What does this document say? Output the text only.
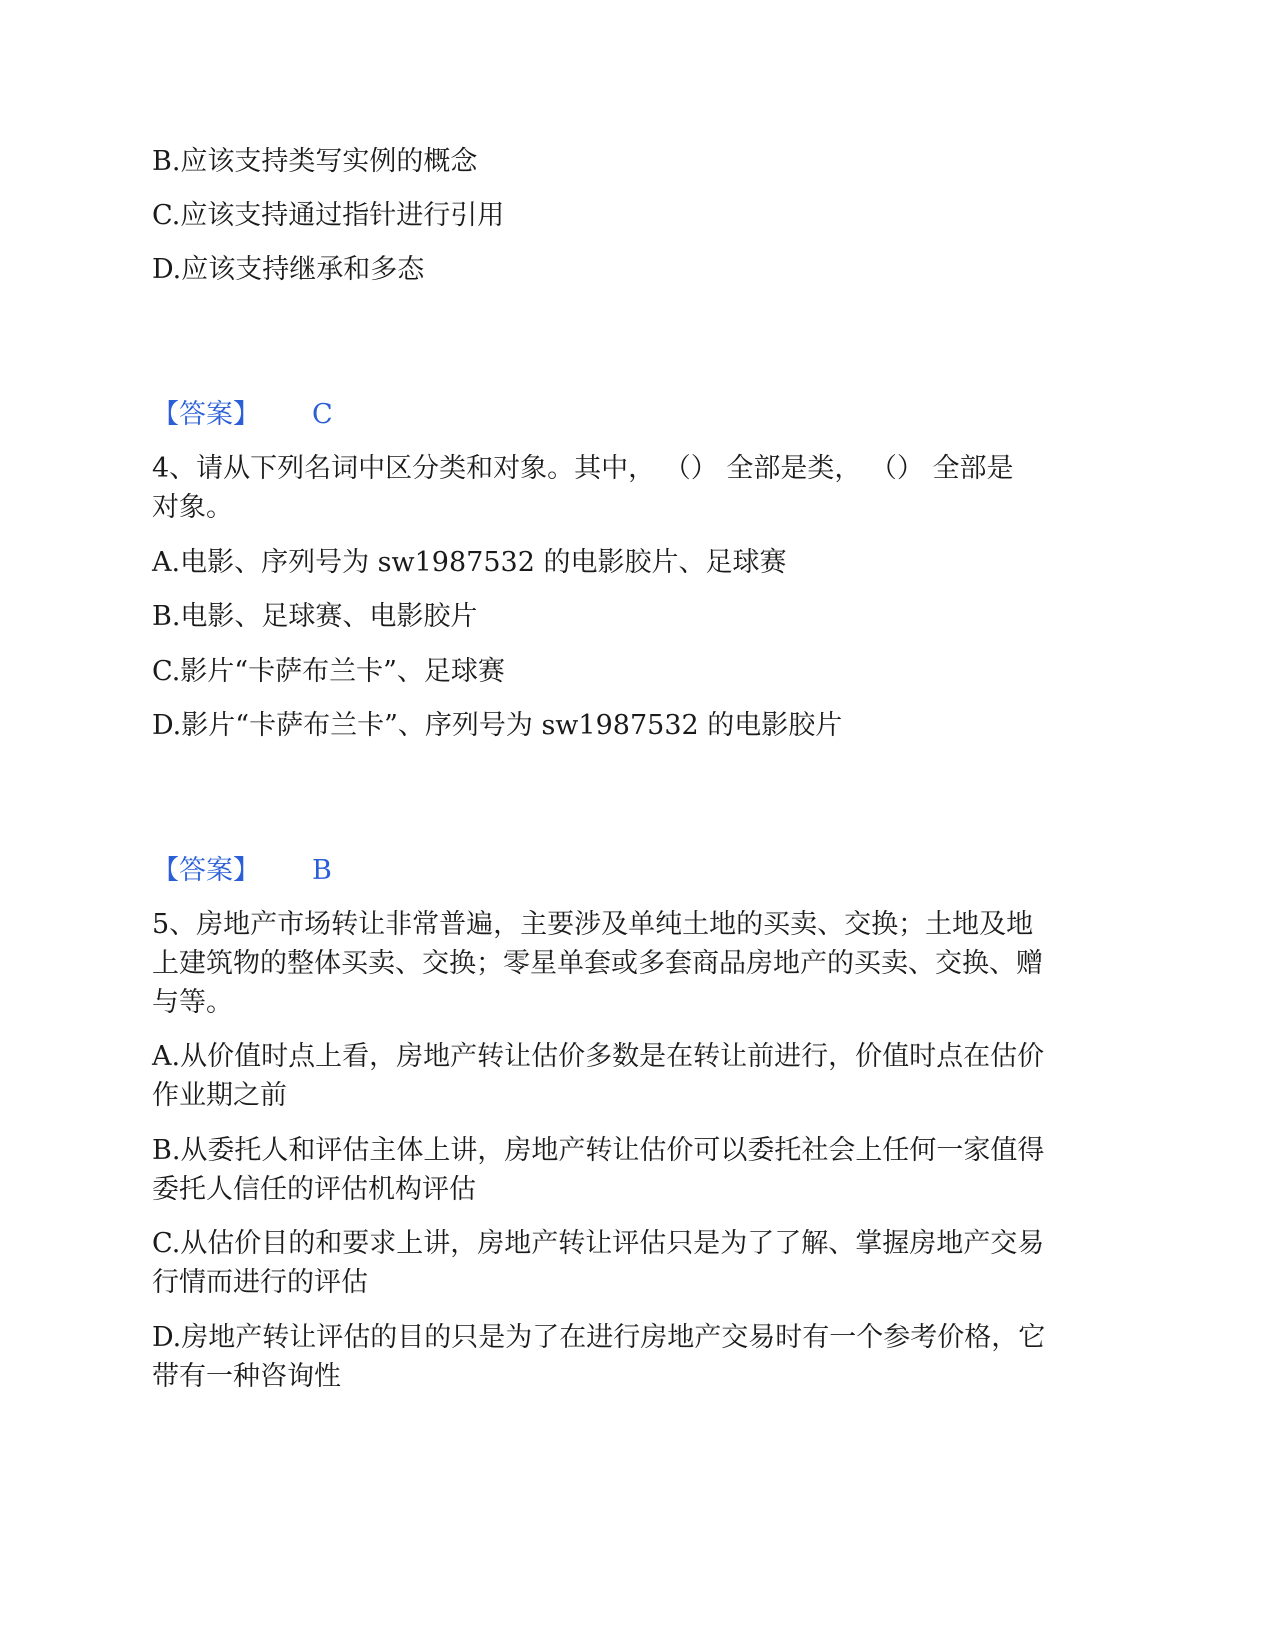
B.应该支持类写实例的概念
C.应该支持通过指针进行引用
D.应该支持继承和多态
【答案】 C
4、请从下列名词中区分类和对象。其中， （） 全部是类， （） 全部是
对象。
A.电影、序列号为 sw1987532 的电影胶片、足球赛
B.电影、足球赛、电影胶片
C.影片“卡萨布兰卡”、足球赛
D.影片“卡萨布兰卡”、序列号为 sw1987532 的电影胶片
【答案】 B
5、房地产市场转让非常普遍，主要涉及单纯土地的买卖、交换；土地及地
上建筑物的整体买卖、交换；零星单套或多套商品房地产的买卖、交换、赠
与等。
A.从价值时点上看，房地产转让估价多数是在转让前进行，价值时点在估价
作业期之前
B.从委托人和评估主体上讲，房地产转让估价可以委托社会上任何一家值得
委托人信任的评估机构评估
C.从估价目的和要求上讲，房地产转让评估只是为了了解、掌握房地产交易
行情而进行的评估
D.房地产转让评估的目的只是为了在进行房地产交易时有一个参考价格，它
带有一种咨询性
